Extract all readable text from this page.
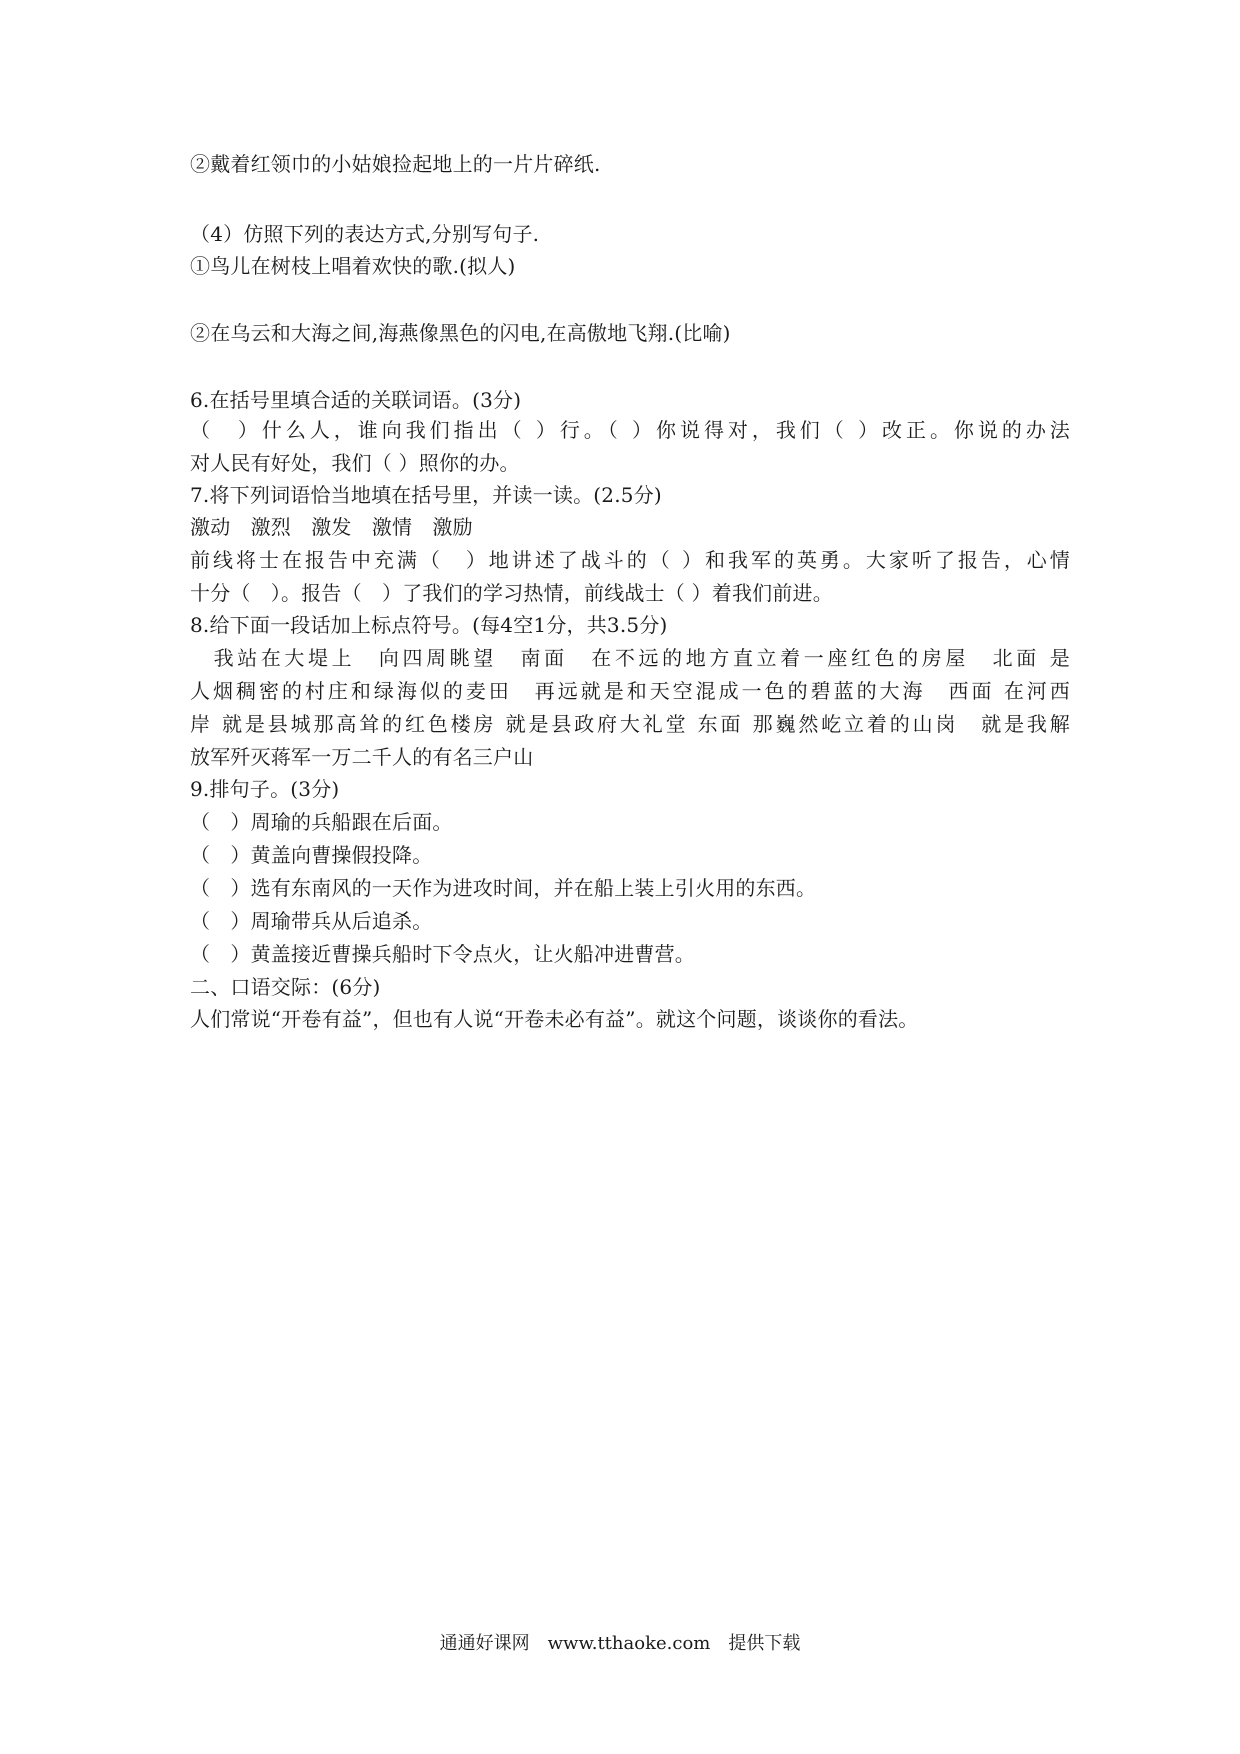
②戴着红领巾的小姑娘捡起地上的一片片碎纸.
（4）仿照下列的表达方式,分别写句子.
①鸟儿在树枝上唱着欢快的歌.(拟人)
②在乌云和大海之间,海燕像黑色的闪电,在高傲地飞翔.(比喻)
6.在括号里填合适的关联词语。(3分)
（　）什么人，谁向我们指出（ ）行。（ ）你说得对，我们（ ）改正。你说的办法
对人民有好处，我们（ ）照你的办。
7.将下列词语恰当地填在括号里，并读一读。(2.5分)
激动　激烈　激发　激情　激励
前线将士在报告中充满（　）地讲述了战斗的（ ）和我军的英勇。大家听了报告，心情
十分（　）。报告（　）了我们的学习热情，前线战士（ ）着我们前进。
8.给下面一段话加上标点符号。(每4空1分，共3.5分)
　我站在大堤上　向四周眺望　南面　在不远的地方直立着一座红色的房屋　北面 是
人烟稠密的村庄和绿海似的麦田　再远就是和天空混成一色的碧蓝的大海　西面 在河西
岸 就是县城那高耸的红色楼房 就是县政府大礼堂 东面 那巍然屹立着的山岗　就是我解
放军歼灭蒋军一万二千人的有名三户山
9.排句子。(3分)
（　）周瑜的兵船跟在后面。
（　）黄盖向曹操假投降。
（　）选有东南风的一天作为进攻时间，并在船上装上引火用的东西。
（　）周瑜带兵从后追杀。
（　）黄盖接近曹操兵船时下令点火，让火船冲进曹营。
二、口语交际：(6分)
人们常说“开卷有益”，但也有人说“开卷未必有益”。就这个问题，谈谈你的看法。
通通好课网　www.tthaoke.com　提供下载
